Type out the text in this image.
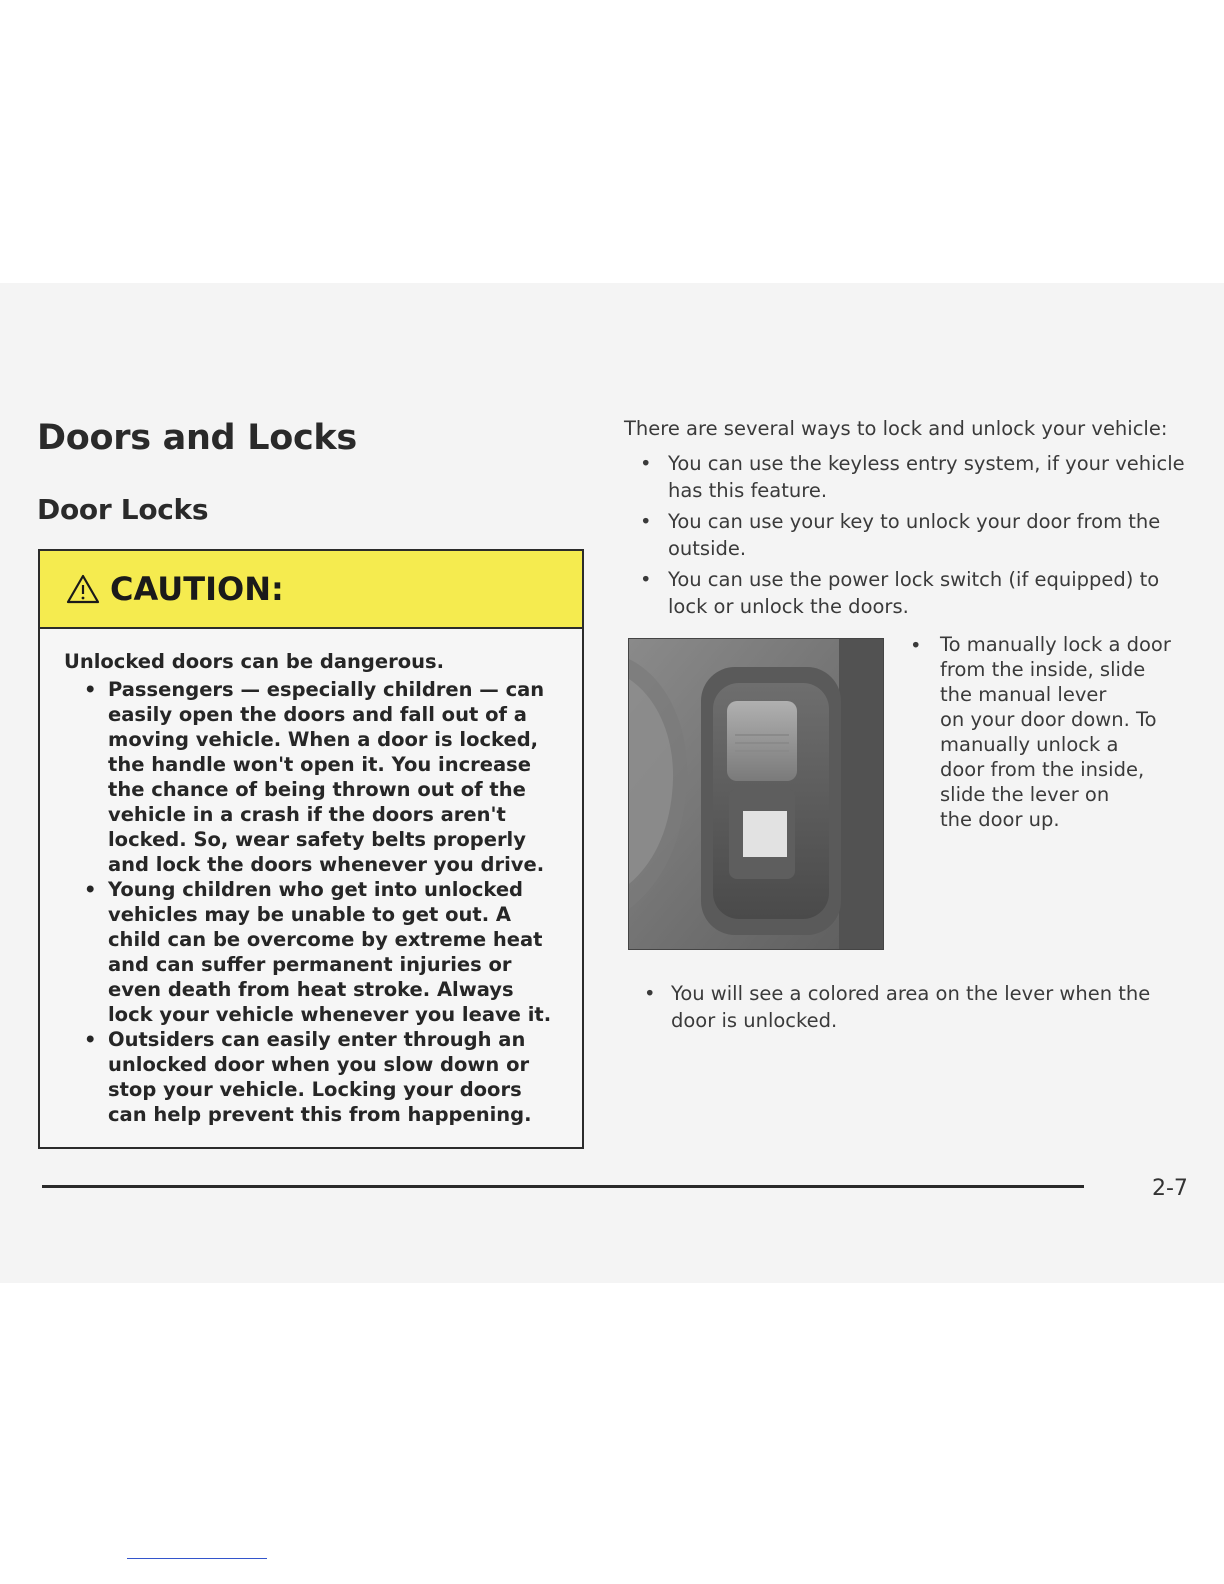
Doors and Locks
Door Locks
CAUTION:

Unlocked doors can be dangerous.

• Passengers — especially children — can easily open the doors and fall out of a moving vehicle. When a door is locked, the handle won't open it. You increase the chance of being thrown out of the vehicle in a crash if the doors aren't locked. So, wear safety belts properly and lock the doors whenever you drive.
• Young children who get into unlocked vehicles may be unable to get out. A child can be overcome by extreme heat and can suffer permanent injuries or even death from heat stroke. Always lock your vehicle whenever you leave it.
• Outsiders can easily enter through an unlocked door when you slow down or stop your vehicle. Locking your doors can help prevent this from happening.

There are several ways to lock and unlock your vehicle:

• You can use the keyless entry system, if your vehicle has this feature.
• You can use your key to unlock your door from the outside.
• You can use the power lock switch (if equipped) to lock or unlock the doors.
• To manually lock a door
from the inside, slide
the manual lever
on your door down. To
manually unlock a
door from the inside,
slide the lever on
the door up.
• You will see a colored area on the lever when the door is unlocked.
2-7
